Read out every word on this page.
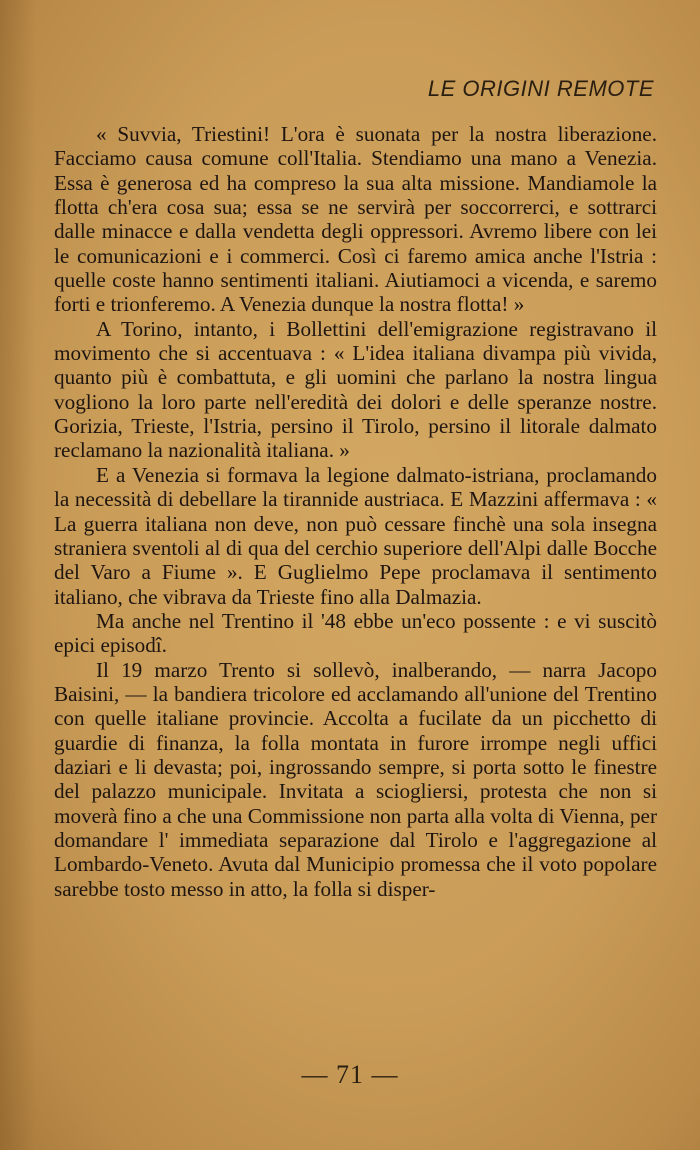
LE ORIGINI REMOTE

« Suvvia, Triestini! L'ora è suonata per la nostra liberazione. Facciamo causa comune coll'Italia. Stendiamo una mano a Venezia. Essa è generosa ed ha compreso la sua alta missione. Mandiamole la flotta ch'era cosa sua; essa se ne servirà per soccorrerci, e sottrarci dalle minacce e dalla vendetta degli oppressori. Avremo libere con lei le comunicazioni e i commerci. Così ci faremo amica anche l'Istria : quelle coste hanno sentimenti italiani. Aiutiamoci a vicenda, e saremo forti e trionferemo. A Venezia dunque la nostra flotta! »

A Torino, intanto, i Bollettini dell'emigrazione registravano il movimento che si accentuava : « L'idea italiana divampa più vivida, quanto più è combattuta, e gli uomini che parlano la nostra lingua vogliono la loro parte nell'eredità dei dolori e delle speranze nostre. Gorizia, Trieste, l'Istria, persino il Tirolo, persino il litorale dalmato reclamano la nazionalità italiana. »

E a Venezia si formava la legione dalmato-istriana, proclamando la necessità di debellare la tirannide austriaca. E Mazzini affermava : « La guerra italiana non deve, non può cessare finchè una sola insegna straniera sventoli al di qua del cerchio superiore dell'Alpi dalle Bocche del Varo a Fiume ». E Guglielmo Pepe proclamava il sentimento italiano, che vibrava da Trieste fino alla Dalmazia.

Ma anche nel Trentino il '48 ebbe un'eco possente : e vi suscitò epici episodî.

Il 19 marzo Trento si sollevò, inalberando, — narra Jacopo Baisini, — la bandiera tricolore ed acclamando all'unione del Trentino con quelle italiane provincie. Accolta a fucilate da un picchetto di guardie di finanza, la folla montata in furore irrompe negli uffici daziari e li devasta; poi, ingrossando sempre, si porta sotto le finestre del palazzo municipale. Invitata a sciogliersi, protesta che non si moverà fino a che una Commissione non parta alla volta di Vienna, per domandare l' immediata separazione dal Tirolo e l'aggregazione al Lombardo-Veneto. Avuta dal Municipio promessa che il voto popolare sarebbe tosto messo in atto, la folla si disper-

— 71 —
